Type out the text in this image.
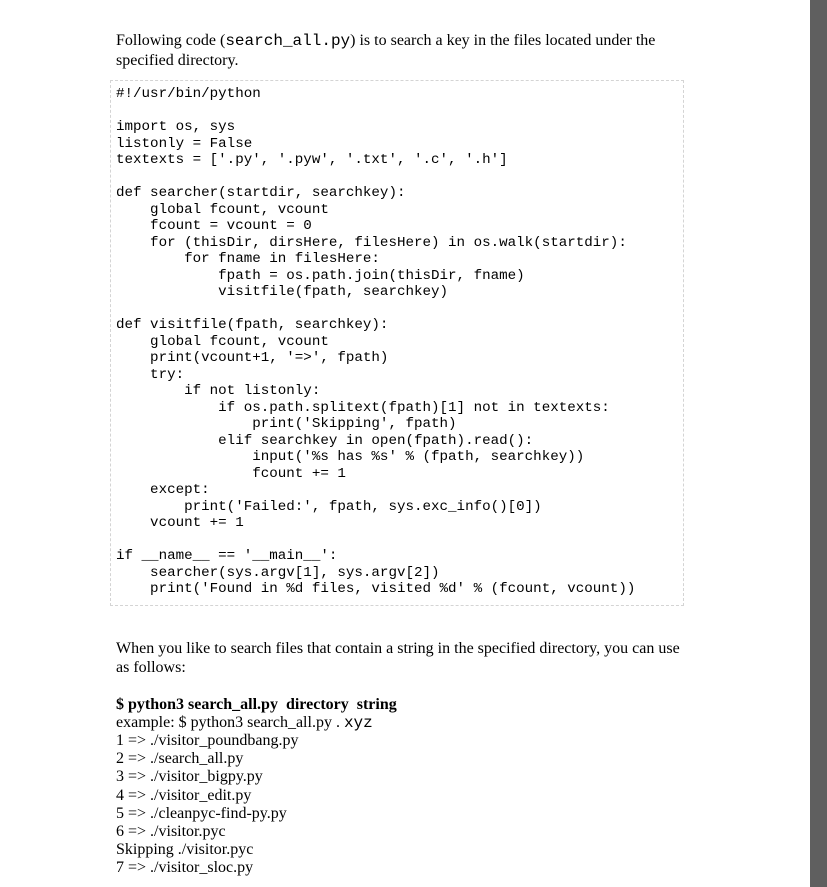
Following code (search_all.py) is to search a key in the files located under the specified directory.

#!/usr/bin/python

import os, sys
listonly = False
textexts = ['.py', '.pyw', '.txt', '.c', '.h']

def searcher(startdir, searchkey):
global fcount, vcount
fcount = vcount = 0
for (thisDir, dirsHere, filesHere) in os.walk(startdir):
for fname in filesHere:
fpath = os.path.join(thisDir, fname)
visitfile(fpath, searchkey)

def visitfile(fpath, searchkey):
global fcount, vcount
print(vcount+1, '=>', fpath)
try:
if not listonly:
if os.path.splitext(fpath)[1] not in textexts:
print('Skipping', fpath)
elif searchkey in open(fpath).read():
input('%s has %s' % (fpath, searchkey))
fcount += 1
except:
print('Failed:', fpath, sys.exc_info()[0])
vcount += 1

if __name__ == '__main__':
searcher(sys.argv[1], sys.argv[2])
print('Found in %d files, visited %d' % (fcount, vcount))

When you like to search files that contain a string in the specified directory, you can use as follows:

$ python3 search_all.py  directory  string

example: $ python3 search_all.py . xyz

1 => ./visitor_poundbang.py
2 => ./search_all.py
3 => ./visitor_bigpy.py
4 => ./visitor_edit.py
5 => ./cleanpyc-find-py.py
6 => ./visitor.pyc
Skipping ./visitor.pyc
7 => ./visitor_sloc.py
